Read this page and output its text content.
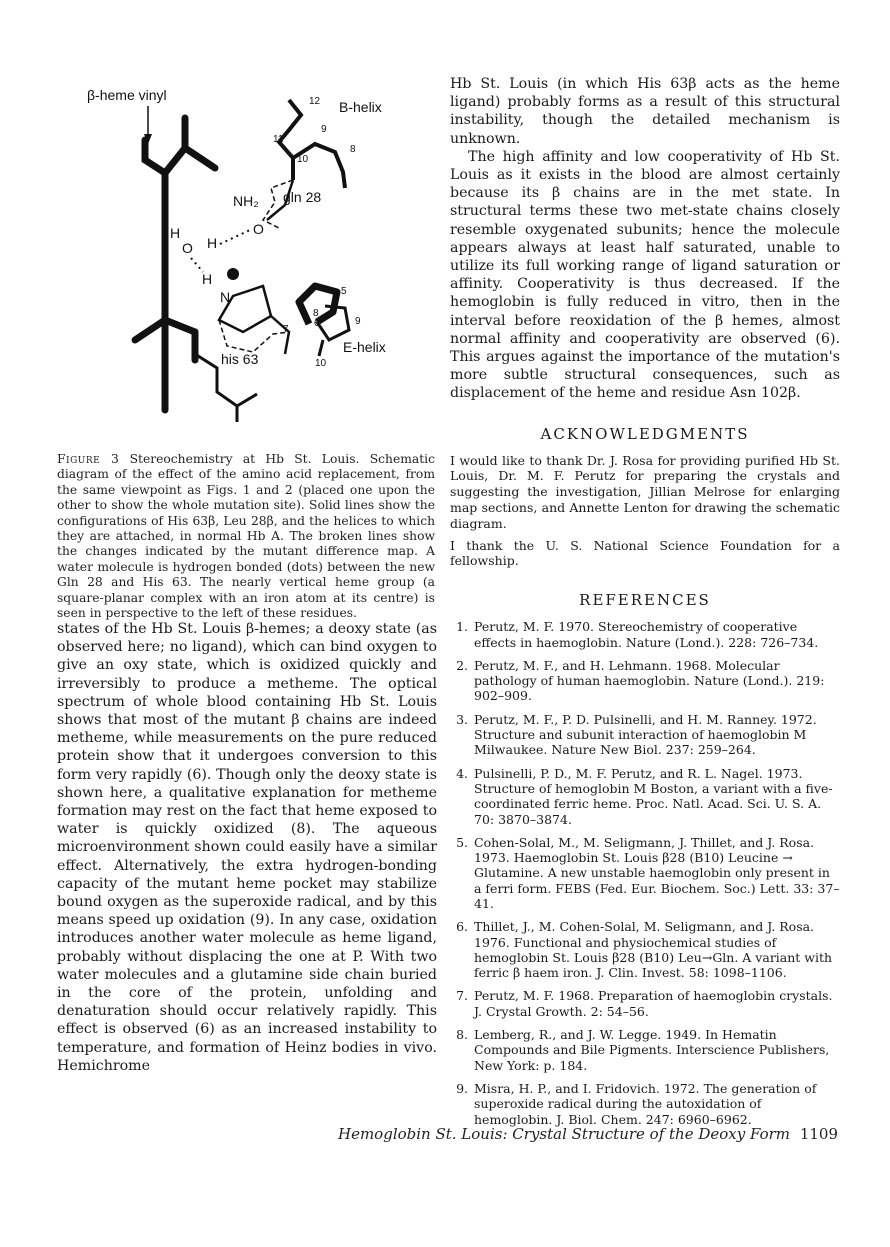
β-heme vinyl
B-helix
12
11
9
8
10
NH₂ gln 28
O
H
O H
H
N
his 63
5
8
6	9
7
10
E-helix
Figure 3 Stereochemistry at Hb St. Louis. Schematic diagram of the effect of the amino acid replacement, from the same viewpoint as Figs. 1 and 2 (placed one upon the other to show the whole mutation site). Solid lines show the configurations of His 63β, Leu 28β, and the helices to which they are attached, in normal Hb A. The broken lines show the changes indicated by the mutant difference map. A water molecule is hydrogen bonded (dots) between the new Gln 28 and His 63. The nearly vertical heme group (a square-planar complex with an iron atom at its centre) is seen in perspective to the left of these residues.
states of the Hb St. Louis β-hemes; a deoxy state (as observed here; no ligand), which can bind oxygen to give an oxy state, which is oxidized quickly and irreversibly to produce a metheme. The optical spectrum of whole blood containing Hb St. Louis shows that most of the mutant β chains are indeed metheme, while measurements on the pure reduced protein show that it undergoes conversion to this form very rapidly (6). Though only the deoxy state is shown here, a qualitative explanation for metheme formation may rest on the fact that heme exposed to water is quickly oxidized (8). The aqueous microenvironment shown could easily have a similar effect. Alternatively, the extra hydrogen-bonding capacity of the mutant heme pocket may stabilize bound oxygen as the superoxide radical, and by this means speed up oxidation (9). In any case, oxidation introduces another water molecule as heme ligand, probably without displacing the one at P. With two water molecules and a glutamine side chain buried in the core of the protein, unfolding and denaturation should occur relatively rapidly. This effect is observed (6) as an increased instability to temperature, and formation of Heinz bodies in vivo. Hemichrome

Hb St. Louis (in which His 63β acts as the heme ligand) probably forms as a result of this structural instability, though the detailed mechanism is unknown.

The high affinity and low cooperativity of Hb St. Louis as it exists in the blood are almost certainly because its β chains are in the met state. In structural terms these two met-state chains closely resemble oxygenated subunits; hence the molecule appears always at least half saturated, unable to utilize its full working range of ligand saturation or affinity. Cooperativity is thus decreased. If the hemoglobin is fully reduced in vitro, then in the interval before reoxidation of the β hemes, almost normal affinity and cooperativity are observed (6). This argues against the importance of the mutation's more subtle structural consequences, such as displacement of the heme and residue Asn 102β.

ACKNOWLEDGMENTS

I would like to thank Dr. J. Rosa for providing purified Hb St. Louis, Dr. M. F. Perutz for preparing the crystals and suggesting the investigation, Jillian Melrose for enlarging map sections, and Annette Lenton for drawing the schematic diagram.

I thank the U. S. National Science Foundation for a fellowship.

REFERENCES
1. Perutz, M. F. 1970. Stereochemistry of cooperative effects in haemoglobin. Nature (Lond.). 228: 726–734.
2. Perutz, M. F., and H. Lehmann. 1968. Molecular pathology of human haemoglobin. Nature (Lond.). 219: 902–909.
3. Perutz, M. F., P. D. Pulsinelli, and H. M. Ranney. 1972. Structure and subunit interaction of haemoglobin M Milwaukee. Nature New Biol. 237: 259–264.
4. Pulsinelli, P. D., M. F. Perutz, and R. L. Nagel. 1973. Structure of hemoglobin M Boston, a variant with a five-coordinated ferric heme. Proc. Natl. Acad. Sci. U. S. A. 70: 3870–3874.
5. Cohen-Solal, M., M. Seligmann, J. Thillet, and J. Rosa. 1973. Haemoglobin St. Louis β28 (B10) Leucine → Glutamine. A new unstable haemoglobin only present in a ferri form. FEBS (Fed. Eur. Biochem. Soc.) Lett. 33: 37–41.
6. Thillet, J., M. Cohen-Solal, M. Seligmann, and J. Rosa. 1976. Functional and physiochemical studies of hemoglobin St. Louis β28 (B10) Leu→Gln. A variant with ferric β haem iron. J. Clin. Invest. 58: 1098–1106.
7. Perutz, M. F. 1968. Preparation of haemoglobin crystals. J. Crystal Growth. 2: 54–56.
8. Lemberg, R., and J. W. Legge. 1949. In Hematin Compounds and Bile Pigments. Interscience Publishers, New York: p. 184.
9. Misra, H. P., and I. Fridovich. 1972. The generation of superoxide radical during the autoxidation of hemoglobin. J. Biol. Chem. 247: 6960–6962.
Hemoglobin St. Louis: Crystal Structure of the Deoxy Form 1109
